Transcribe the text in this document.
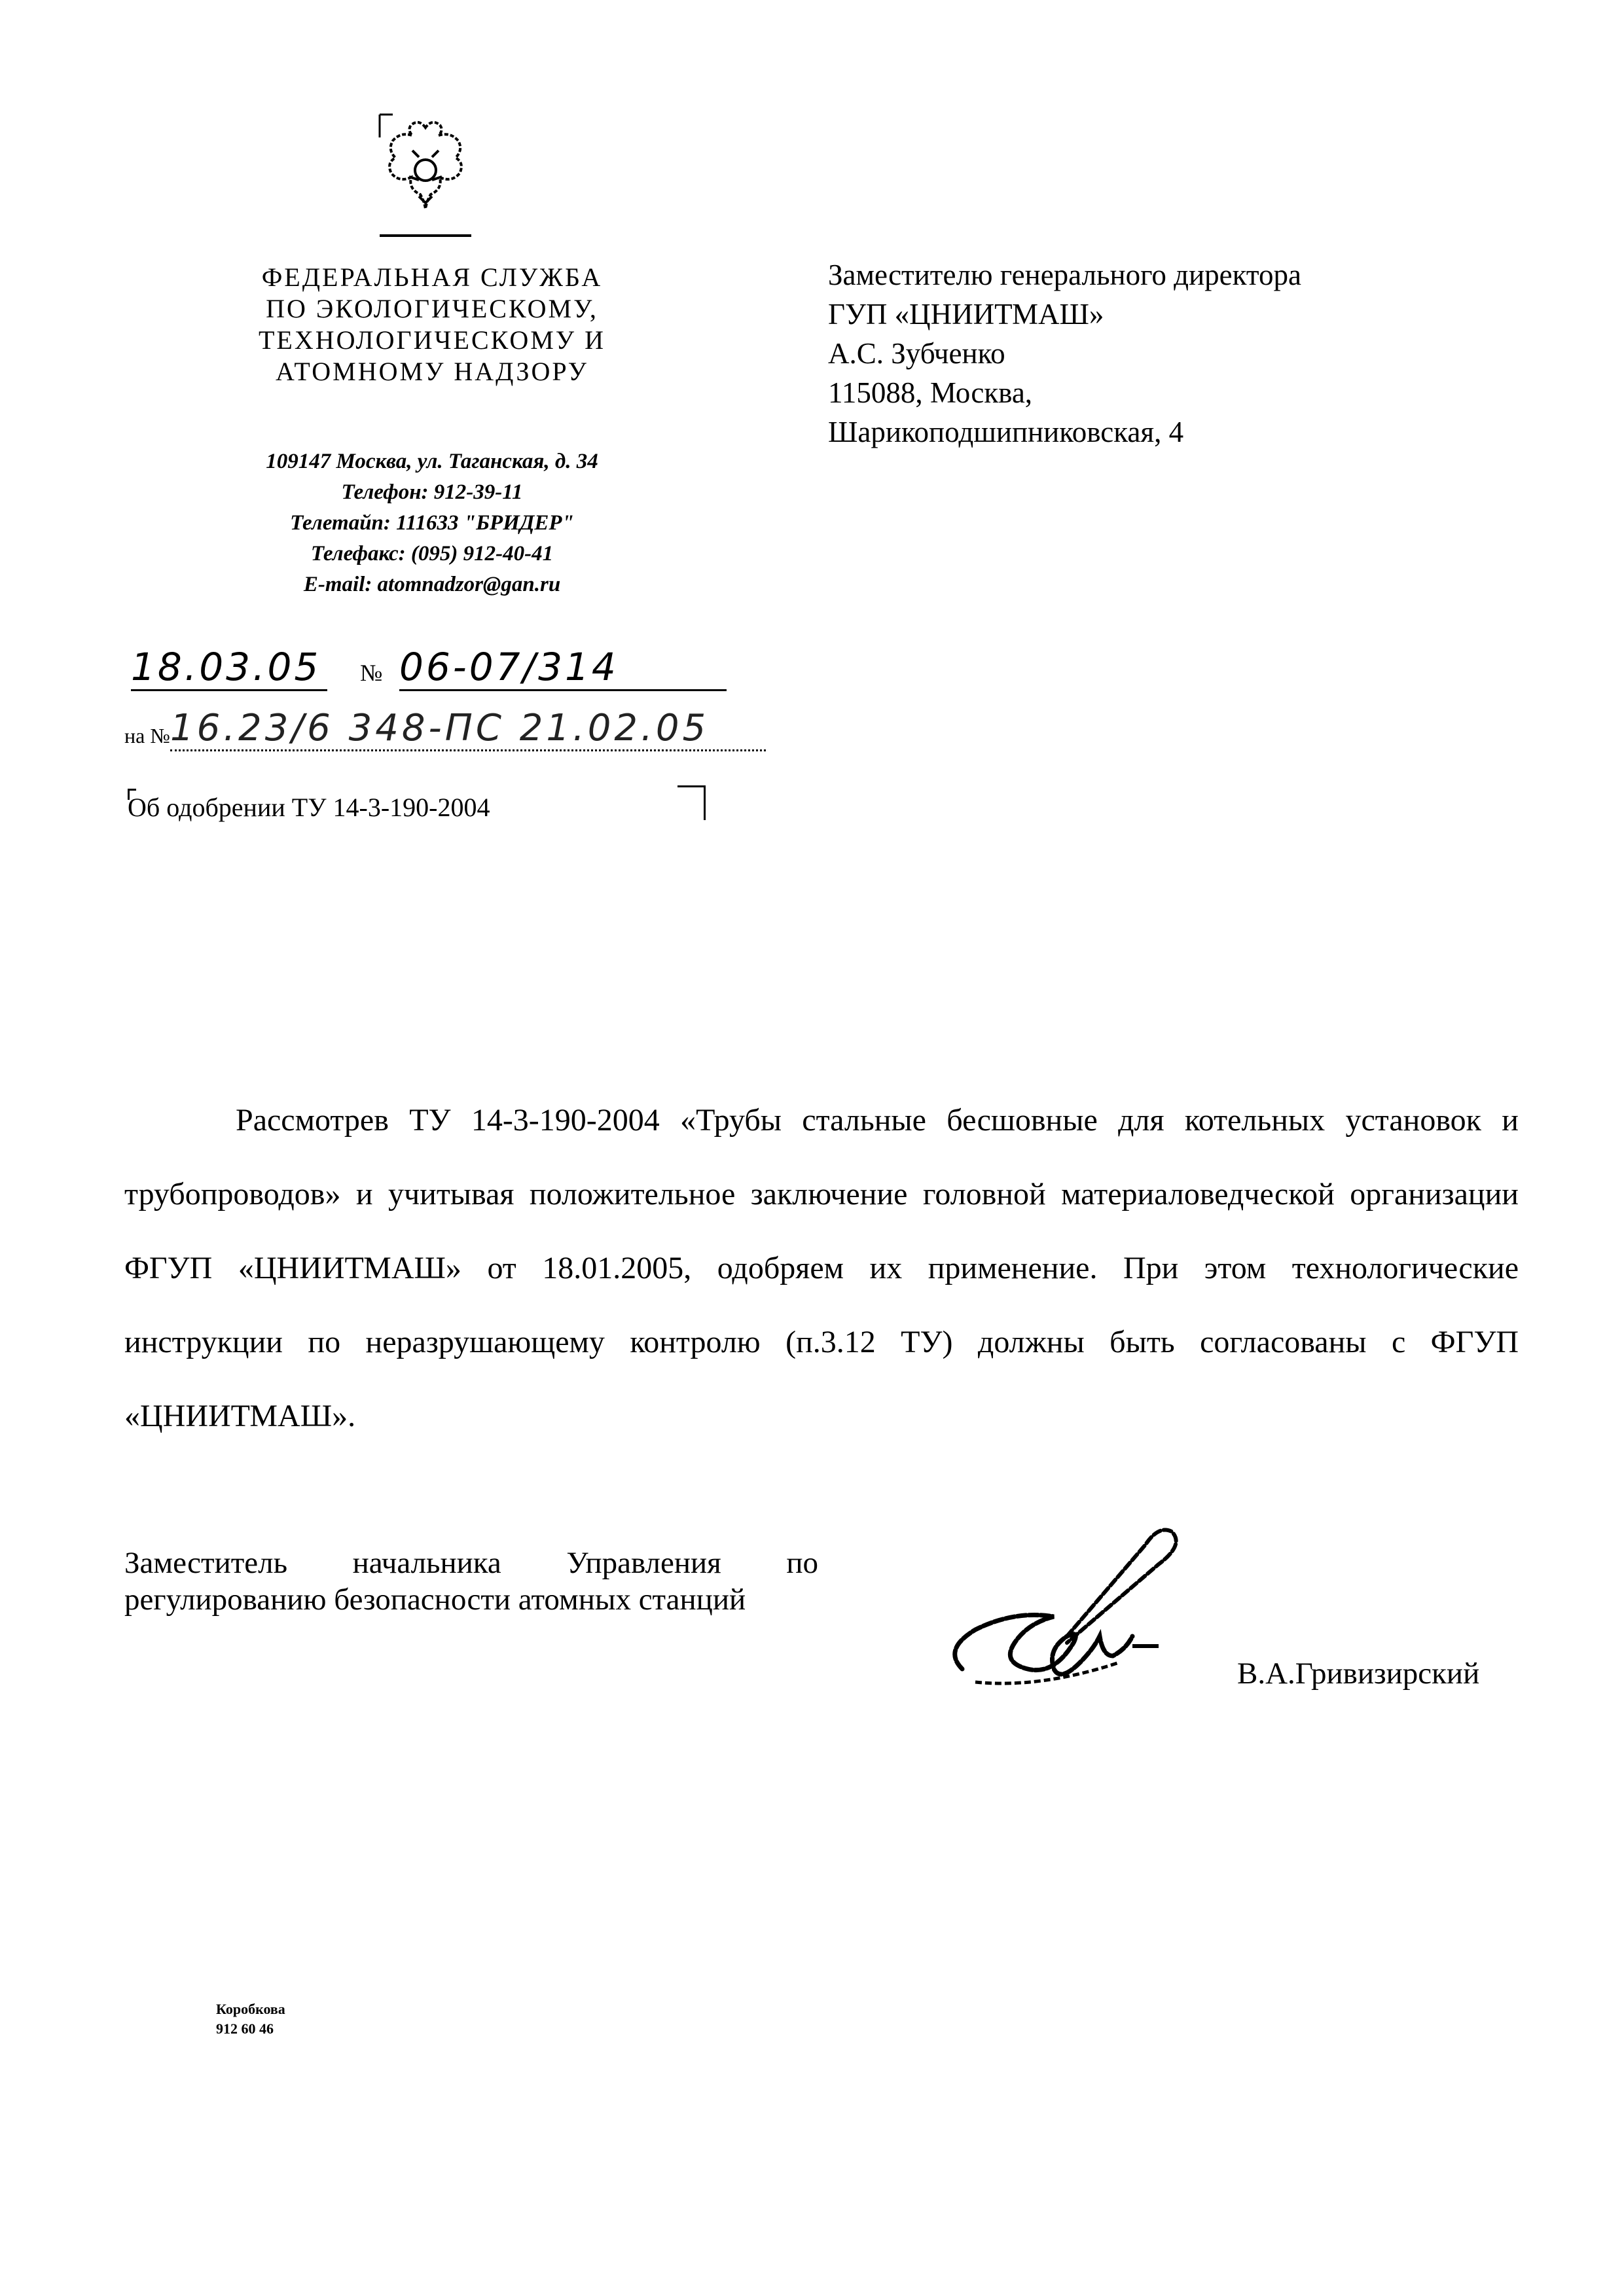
ФЕДЕРАЛЬНАЯ СЛУЖБА
ПО ЭКОЛОГИЧЕСКОМУ,
ТЕХНОЛОГИЧЕСКОМУ И
АТОМНОМУ НАДЗОРУ
109147 Москва, ул. Таганская, д. 34
Телефон: 912-39-11
Телетайп: 111633 "БРИДЕР"
Телефакс: (095) 912-40-41
E-mail: atomnadzor@gan.ru
Заместителю генерального директора
ГУП «ЦНИИТМАШ»
А.С. Зубченко
115088, Москва,
Шарикоподшипниковская, 4
18.03.05 № 06-07/314
на № 16.23/6 348-ПС 21.02.05
Об одобрении ТУ 14-3-190-2004
Рассмотрев ТУ 14-3-190-2004 «Трубы стальные бесшовные для котельных установок и трубопроводов» и учитывая положительное заключение головной материаловедческой организации ФГУП «ЦНИИТМАШ» от 18.01.2005, одобряем их применение. При этом технологические инструкции по неразрушающему контролю (п.3.12 ТУ) должны быть согласованы с ФГУП «ЦНИИТМАШ».
Заместитель начальника Управления по регулированию безопасности атомных станций
В.А.Гривизирский
Коробкова
912 60 46
